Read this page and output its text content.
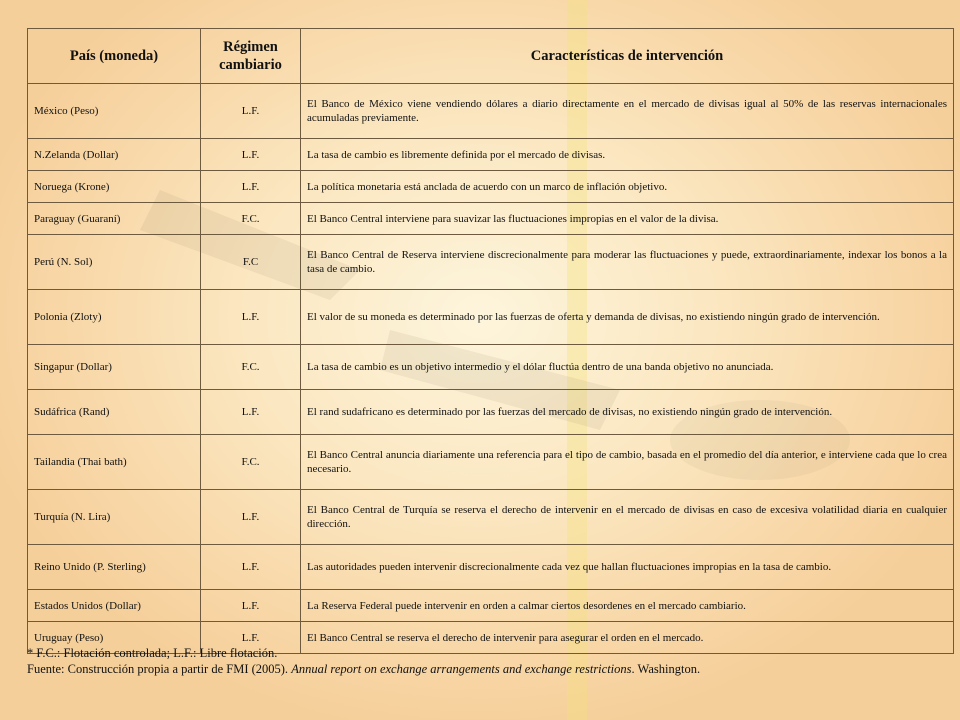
País (moneda)	Régimen cambiario	Características de intervención
México (Peso)	L.F.	El Banco de México viene vendiendo dólares a diario directamente en el mercado de divisas igual al 50% de las reservas internacionales acumuladas previamente.
N.Zelanda (Dollar)	L.F.	La tasa de cambio es libremente definida por el mercado de divisas.
Noruega (Krone)	L.F.	La política monetaria está anclada de acuerdo con un marco de inflación objetivo.
Paraguay (Guaraní)	F.C.	El Banco Central interviene para suavizar las fluctuaciones impropias en el valor de la divisa.
Perú (N. Sol)	F.C	El Banco Central de Reserva interviene discrecionalmente para moderar las fluctuaciones y puede, extraordinariamente, indexar los bonos a la tasa de cambio.
Polonia (Zloty)	L.F.	El valor de su moneda es determinado por las fuerzas de oferta y demanda de divisas, no existiendo ningún grado de intervención.
Singapur (Dollar)	F.C.	La tasa de cambio es un objetivo intermedio y el dólar fluctúa dentro de una banda objetivo no anunciada.
Sudáfrica (Rand)	L.F.	El rand sudafricano es determinado por las fuerzas del mercado de divisas, no existiendo ningún grado de intervención.
Tailandia (Thai bath)	F.C.	El Banco Central anuncia diariamente una referencia para el tipo de cambio, basada en el promedio del día anterior, e interviene cada que lo crea necesario.
Turquía (N. Lira)	L.F.	El Banco Central de Turquía se reserva el derecho de intervenir en el mercado de divisas en caso de excesiva volatilidad diaria en cualquier dirección.
Reino Unido (P. Sterling)	L.F.	Las autoridades pueden intervenir discrecionalmente cada vez que hallan fluctuaciones impropias en la tasa de cambio.
Estados Unidos (Dollar)	L.F.	La Reserva Federal puede intervenir en orden a calmar ciertos desordenes en el mercado cambiario.
Uruguay (Peso)	L.F.	El Banco Central se reserva el derecho de intervenir para asegurar el orden en el mercado.
* F.C.: Flotación controlada; L.F.: Libre flotación.
Fuente: Construcción propia a partir de FMI (2005). Annual report on exchange arrangements and exchange restrictions. Washington.
